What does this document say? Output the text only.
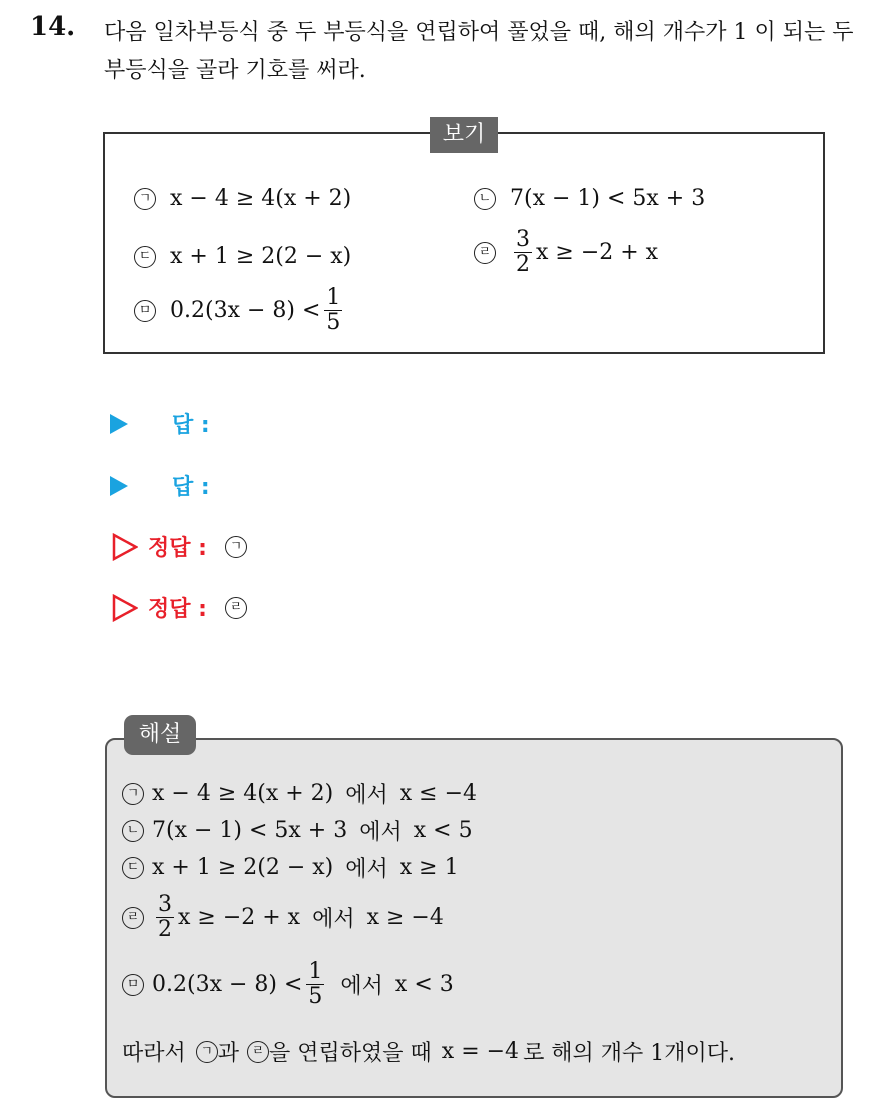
14. 다음 일차부등식 중 두 부등식을 연립하여 풀었을 때, 해의 개수가 1 이 되는 두 부등식을 골라 기호를 써라.
보기
ㄱ x − 4 ≥ 4(x + 2)	ㄴ 7(x − 1) < 5x + 3
ㄷ x + 1 ≥ 2(2 − x)	ㄹ $\frac{3}{2}$ x ≥ −2 + x
ㅁ $0.2(3x - 8) < \frac{1}{5}$
답 :
답 :
정답 :	ㄱ
정답 :	ㄹ
해설
ㄱ x − 4 ≥ 4(x + 2) 에서 x ≤ −4
ㄴ 7(x − 1) < 5x + 3 에서 x < 5
ㄷ x + 1 ≥ 2(2 − x) 에서 x ≥ 1
ㄹ $\frac{3}{2}$ x ≥ −2 + x 에서 x ≥ −4
ㅁ $0.2(3x - 8) < \frac{1}{5}$ 에서 x < 3
따라서	ㄱ 과 ㄹ 을 연립하였을 때 x = −4 로 해의 개수 1개이다.
